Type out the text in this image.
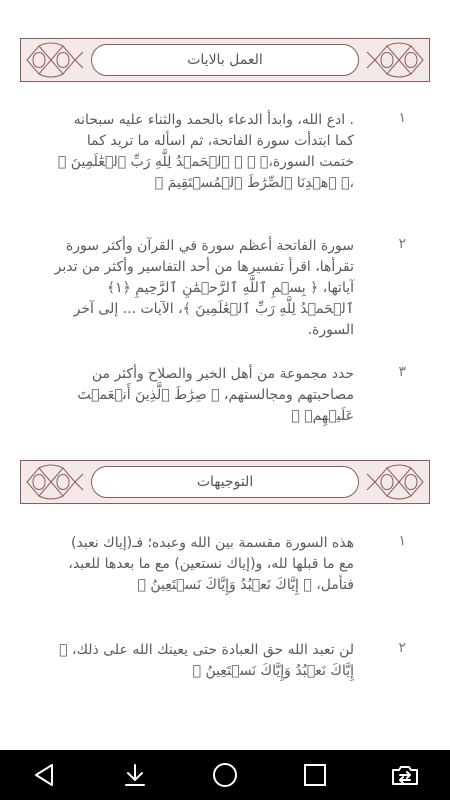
العمل بالايات
١
. ادع الله، وابدأ الدعاء بالحمد والثناء عليه سبحانه كما ابتدأت سورة الفاتحة، ثم اسأله ما تريد كما ختمت السورة،﴿ ﴾ ﴿ ٱلۡحَمۡدُ لِلَّهِ رَبِّ ٱلۡعَٰلَمِينَ ﴾ ،﴿ ٱهۡدِنَا ٱلصِّرَٰطَ ٱلۡمُسۡتَقِيمَ ﴾
٢
سورة الفاتحة أعظم سورة في القرآن وأكثر سورة تقرأها، اقرأ تفسيرها من أحد التفاسير وأكثر من تدبر آياتها، ﴿ بِسۡمِ ٱللَّهِ ٱلرَّحۡمَٰنِ ٱلرَّحِيمِ ﴿١﴾ ٱلۡحَمۡدُ لِلَّهِ رَبِّ ٱلۡعَٰلَمِينَ ﴾، الآيات ... إلى آخر السورة.
٣
حدد مجموعة من أهل الخير والصلاح وأكثر من مصاحبتهم ومجالستهم، ﴿ صِرَٰطَ ٱلَّذِينَ أَنۡعَمۡتَ عَلَيۡهِمۡ ﴾
التوجيهات
١
هذه السورة مقسمة بين الله وعبده؛ فـ(إياك نعبد) مع ما قبلها لله، و(إياك نستعين) مع ما بعدها للعبد، فتأمل، ﴿ إِيَّاكَ نَعۡبُدُ وَإِيَّاكَ نَسۡتَعِينُ ﴾
٢
لن تعبد الله حق العبادة حتى يعينك الله على ذلك، ﴿ إِيَّاكَ نَعۡبُدُ وَإِيَّاكَ نَسۡتَعِينُ ﴾
